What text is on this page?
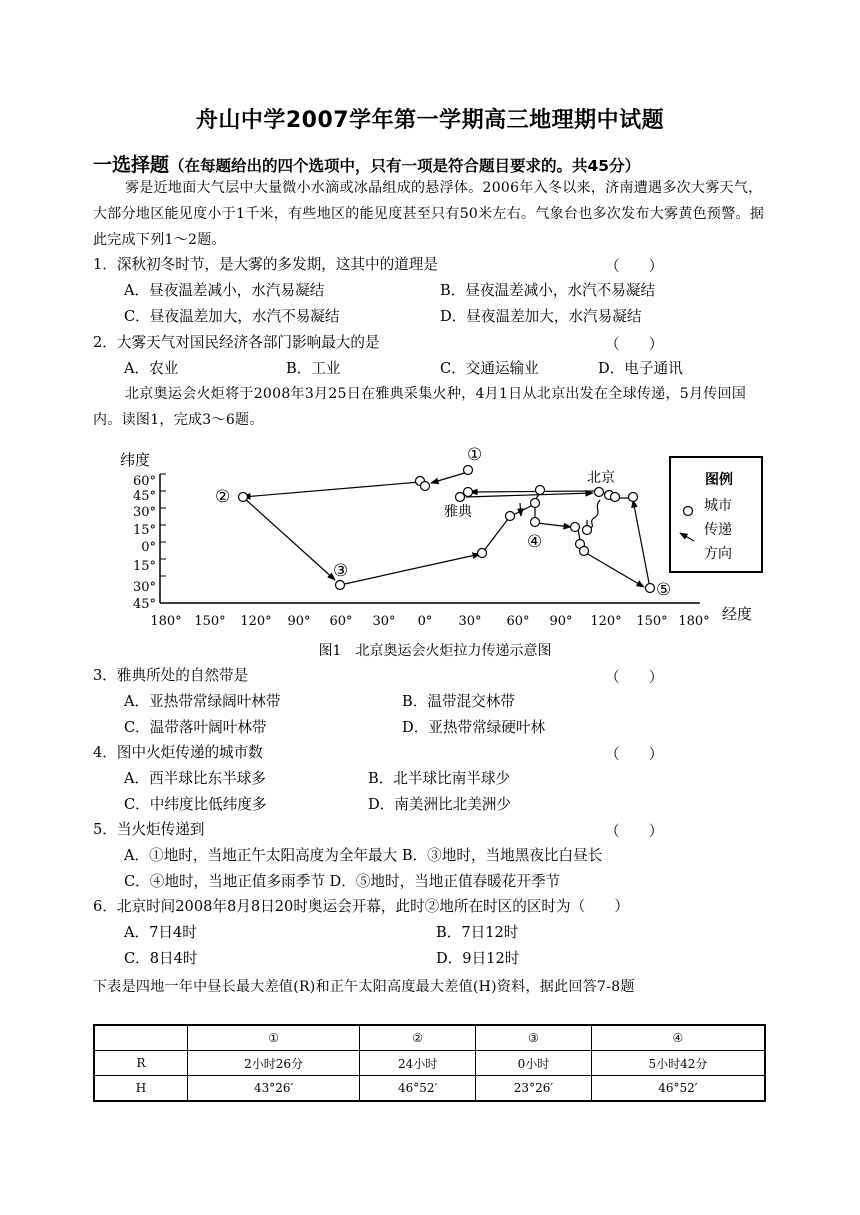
舟山中学2007学年第一学期高三地理期中试题
一选择题（在每题给出的四个选项中，只有一项是符合题目要求的。共45分）
雾是近地面大气层中大量微小水滴或冰晶组成的悬浮体。2006年入冬以来，济南遭遇多次大雾天气，大部分地区能见度小于1千米，有些地区的能见度甚至只有50米左右。气象台也多次发布大雾黄色预警。据此完成下列1～2题。
1．深秋初冬时节，是大雾的多发期，这其中的道理是	（　　）
A．昼夜温差减小，水汽易凝结	B．昼夜温差减小，水汽不易凝结
C．昼夜温差加大，水汽不易凝结	D．昼夜温差加大，水汽易凝结
2．大雾天气对国民经济各部门影响最大的是	（　　）
A．农业	B．工业	C．交通运输业	D．电子通讯
北京奥运会火炬将于2008年3月25日在雅典采集火种，4月1日从北京出发在全球传递，5月传回国内。读图1，完成3～6题。
纬度
经度
60°
45°
30°
15°
0°
15°
30°
45°
180° 150° 120° 90° 60° 30° 0° 30° 60° 90° 120° 150° 180°
①
②
③
④
⑤
雅典
北京	图例
城市
传递
方向
图1　北京奥运会火炬拉力传递示意图
3．雅典所处的自然带是	（　　）
A．亚热带常绿阔叶林带	B．温带混交林带
C．温带落叶阔叶林带	D．亚热带常绿硬叶林
4．图中火炬传递的城市数	（　　）
A．西半球比东半球多	B．北半球比南半球少
C．中纬度比低纬度多	D．南美洲比北美洲少
5．当火炬传递到	（　　）
A．①地时，当地正午太阳高度为全年最大 B．③地时，当地黑夜比白昼长
C．④地时，当地正值多雨季节 D．⑤地时，当地正值春暖花开季节
6．北京时间2008年8月8日20时奥运会开幕，此时②地所在时区的区时为（　　）
A．7日4时	B．7日12时
C．8日4时	D．9日12时
下表是四地一年中昼长最大差值(R)和正午太阳高度最大差值(H)资料，据此回答7-8题
	①	②	③	④
R	2小时26分	24小时	0小时	5小时42分
H	43°26′	46°52′	23°26′	46°52′
